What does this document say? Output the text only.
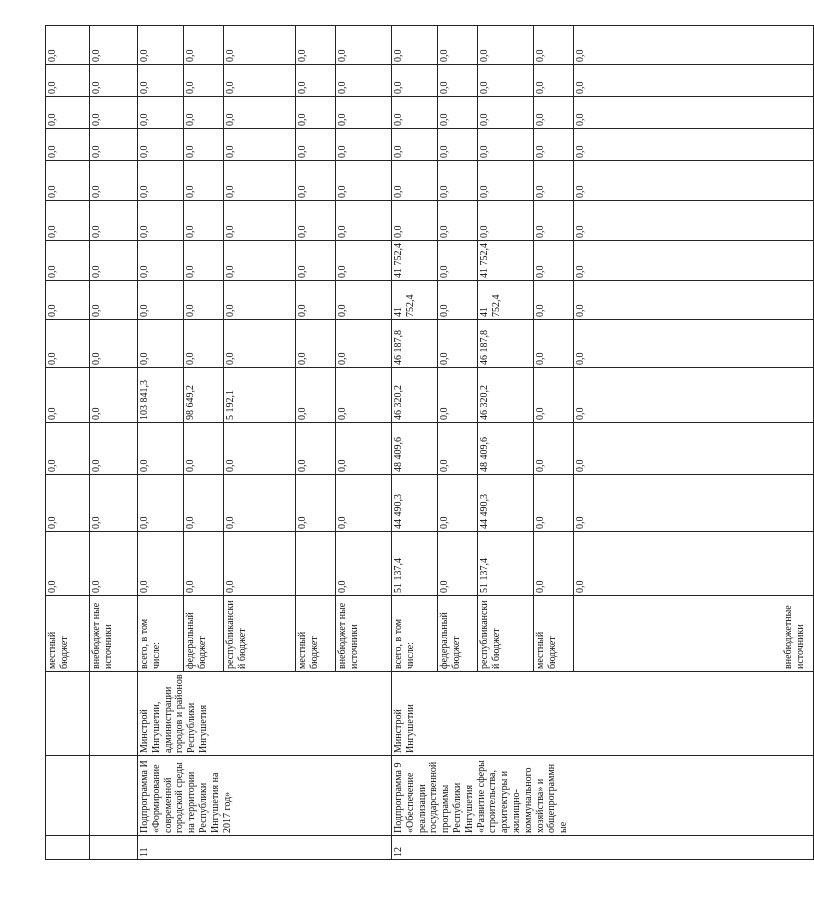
			местный бюджет	0,0	0,0	0,0	0,0	0,0	0,0	0,0	0,0	0,0	0,0	0,0	0,0	0,0
			внебюджет ные источники	0,0	0,0	0,0	0,0	0,0	0,0	0,0	0,0	0,0	0,0	0,0	0,0	0,0
11	Подпрограмма И «Формирование современной городской среды на территории Республики Ингушетия на 2017 год»	Минстрой Ингушетии, администрации городов и районов Республики Ингушетия	всего, в том числе:	0,0	0,0	0,0	103 841,3	0,0	0,0	0,0	0,0	0,0	0,0	0,0	0,0	0,0
			федеральный бюджет	0,0	0,0	0,0	98 649,2	0,0	0,0	0,0	0,0	0,0	0,0	0,0	0,0	0,0
			республиканский бюджет	0,0	0,0	0,0	5 192,1	0,0	0,0	0,0	0,0	0,0	0,0	0,0	0,0	0,0
			местный бюджет		0,0	0,0	0,0	0,0	0,0	0,0	0,0	0,0	0,0	0,0	0,0	0,0
			внебюджет ные источники	0,0	0,0	0,0	0,0	0,0	0,0	0,0	0,0	0,0	0,0	0,0	0,0	0,0
12	Подпрограмма 9 «Обеспечение реализации государственной программы Республики Ингушетия «Развитие сферы строительства, архитектуры и жилищно-коммунального хозяйства» и общепрограммные	Минстрой Ингушетии	всего, в том числе:	51 137,4	44 490,3	48 409,6	46 320,2	46 187,8	41 752,4	41 752,4	0,0	0,0	0,0	0,0	0,0	0,0
			федеральный бюджет	0,0	0,0	0,0	0,0	0,0	0,0	0,0	0,0	0,0	0,0	0,0	0,0	0,0
			республиканский бюджет	51 137,4	44 490,3	48 409,6	46 320,2	46 187,8	41 752,4	41 752,4	0,0	0,0	0,0	0,0	0,0	0,0
			местный бюджет	0,0	0,0	0,0	0,0	0,0	0,0	0,0	0,0	0,0	0,0	0,0	0,0	0,0
			внебюджетные источники	0,0	0,0	0,0	0,0	0,0	0,0	0,0	0,0	0,0	0,0	0,0	0,0	0,0
